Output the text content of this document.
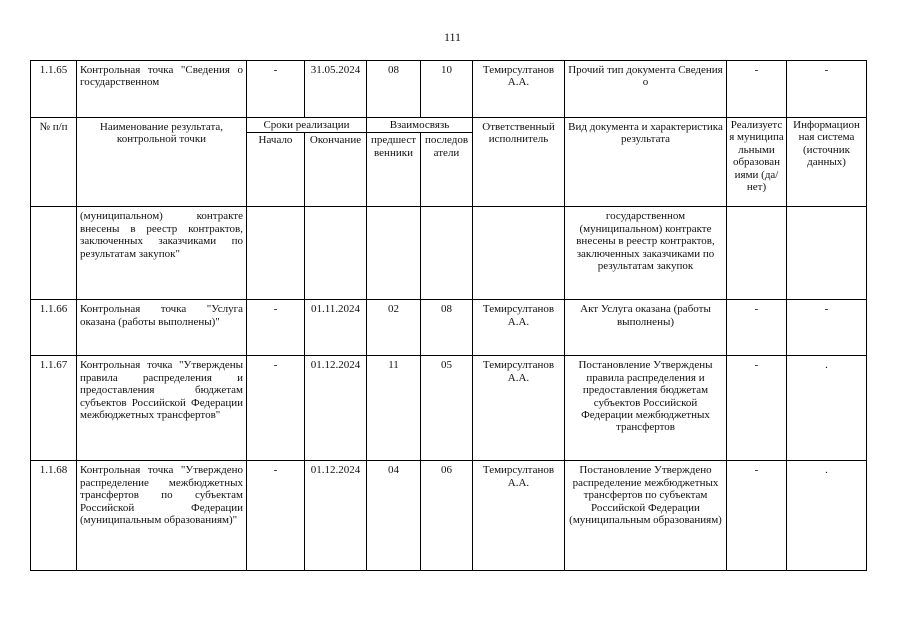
111
1.1.65	Контрольная точка "Сведения о государственном	-	31.05.2024	08	10	Темирсултанов А.А.	Прочий тип документа Сведения о	-	-
№ п/п	Наименование результата, контрольной точки	Сроки реализации		Взаимосвязь		Ответственный исполнитель	Вид документа и характеристика результата	Реализуетс я муниципа льными образован иями (да/нет)	Информацион ная система (источник данных)
		Начало	Окончание	предшест венники	последов атели				
	(муниципальном) контракте внесены в реестр контрактов, заключенных заказчиками по результатам закупок"						государственном (муниципальном) контракте внесены в реестр контрактов, заключенных заказчиками по результатам закупок		
1.1.66	Контрольная точка "Услуга оказана (работы выполнены)"	-	01.11.2024	02	08	Темирсултанов А.А.	Акт Услуга оказана (работы выполнены)	-	-
1.1.67	Контрольная точка "Утверждены правила распределения и предоставления бюджетам субъектов Российской Федерации межбюджетных трансфертов"	-	01.12.2024	11	05	Темирсултанов А.А.	Постановление Утверждены правила распределения и предоставления бюджетам субъектов Российской Федерации межбюджетных трансфертов	-	.
1.1.68	Контрольная точка "Утверждено распределение межбюджетных трансфертов по субъектам Российской Федерации (муниципальным образованиям)"	-	01.12.2024	04	06	Темирсултанов А.А.	Постановление Утверждено распределение межбюджетных трансфертов по субъектам Российской Федерации (муниципальным образованиям)	-	.
